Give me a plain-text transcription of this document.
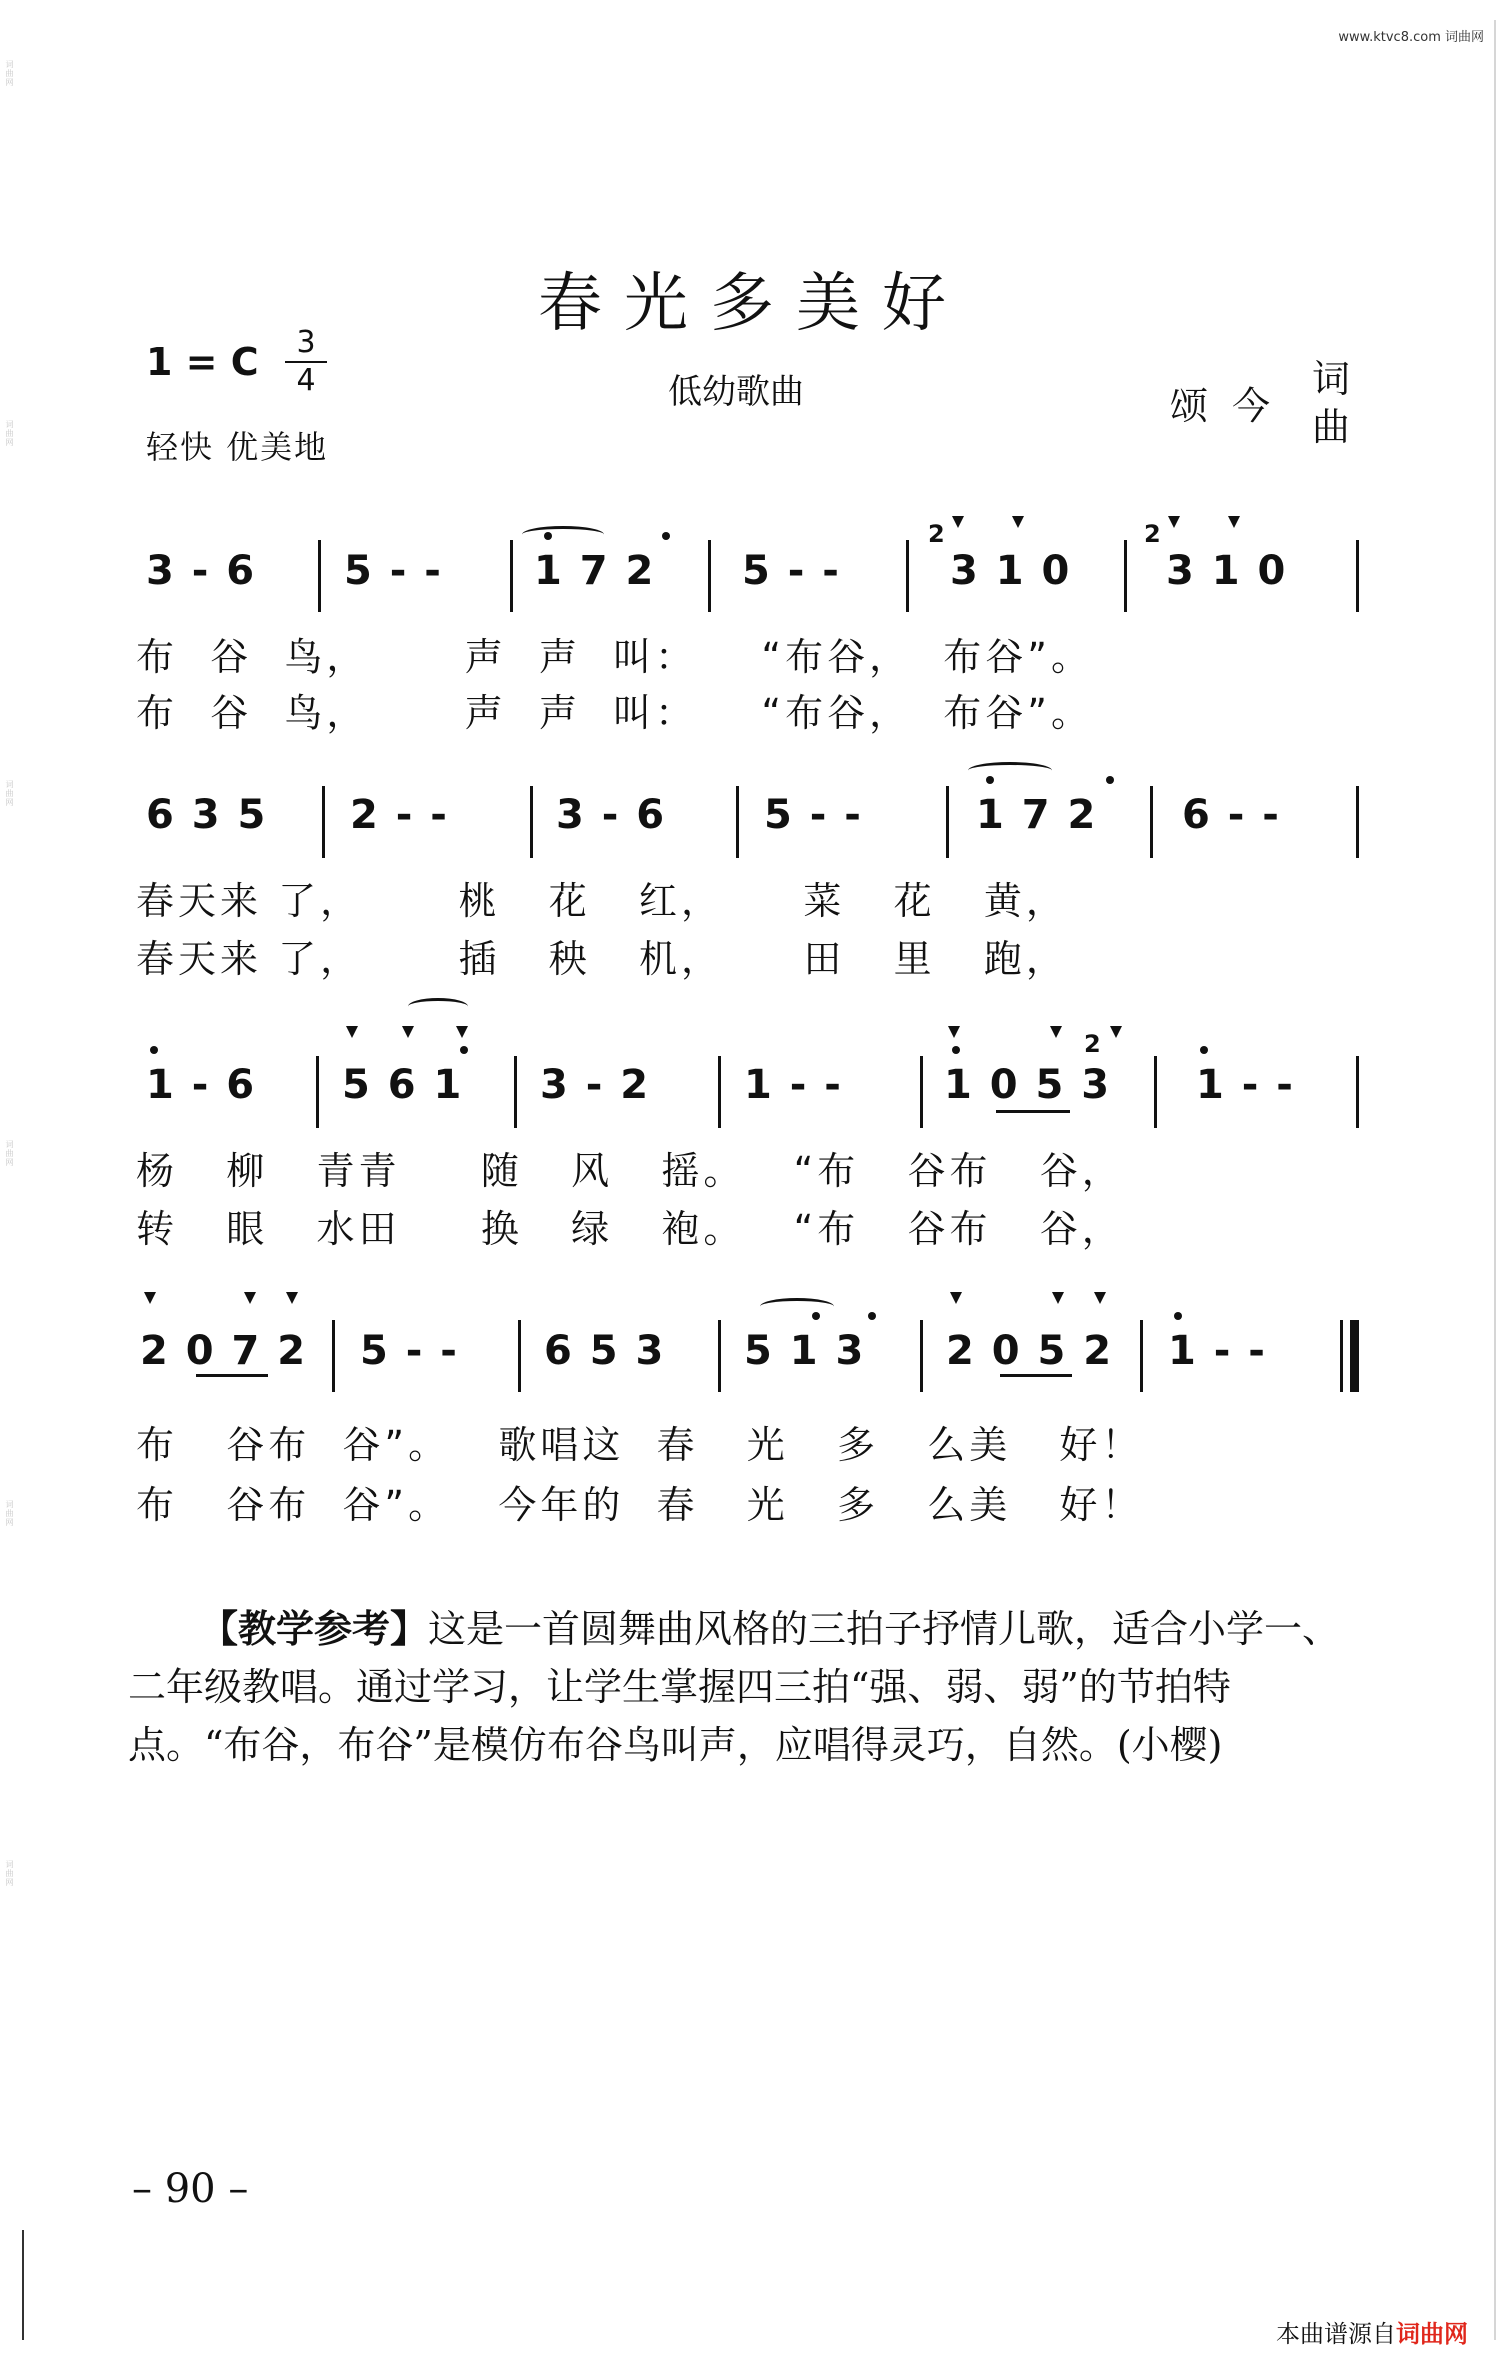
词曲网
词曲网
词曲网
词曲网
词曲网
词曲网
www.ktvc8.com 词曲网
春光多美好
1 = C	3
4
轻快 优美地
低幼歌曲	颂今
词
曲
3 - 6 5 - - 1 7 2 5 - -	3 1 0 3 1 0
2	2
布  谷  鸟，      声  声  叫：    “布谷，  布谷”。
布  谷  鸟，      声  声  叫：    “布谷，  布谷”。
6 3 5 2 - -	3 - 6 5 - -	1 7 2 6 - -
春天来 了，      桃   花   红，     菜   花   黄，
春天来 了，      插   秧   机，     田   里   跑，
1 - 6 5 6 1 3 - 2 1 - -	1 0 5 3 1 - -
2
杨   柳   青青     随   风   摇。   “布   谷布   谷，
转   眼   水田     换   绿   袍。   “布   谷布   谷，
2 0 7 2 5 - - 6 5 3 5 1 3 2 0 5 2 1 - -
布   谷布  谷”。   歌唱这  春   光   多   么美   好！
布   谷布  谷”。   今年的  春   光   多   么美   好！
【教学参考】这是一首圆舞曲风格的三拍子抒情儿歌，适合小学一、二年级教唱。通过学习，让学生掌握四三拍“强、弱、弱”的节拍特点。“布谷，布谷”是模仿布谷鸟叫声，应唱得灵巧，自然。(小樱)
– 90 –
本曲谱源自词曲网
